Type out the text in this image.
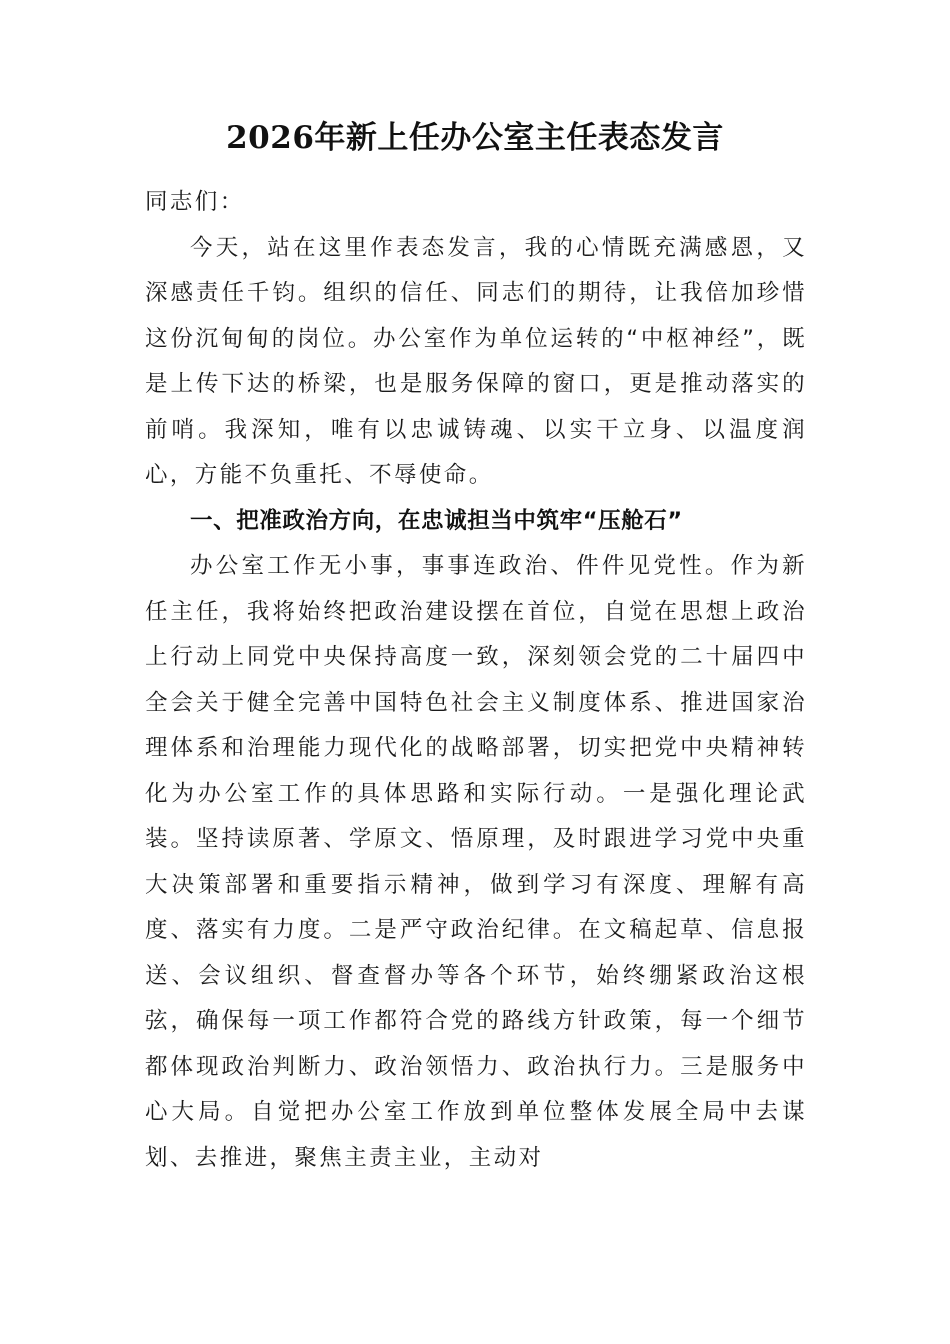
2026年新上任办公室主任表态发言

同志们：

今天，站在这里作表态发言，我的心情既充满感恩，又深感责任千钧。组织的信任、同志们的期待，让我倍加珍惜这份沉甸甸的岗位。办公室作为单位运转的“中枢神经”，既是上传下达的桥梁，也是服务保障的窗口，更是推动落实的前哨。我深知，唯有以忠诚铸魂、以实干立身、以温度润心，方能不负重托、不辱使命。

一、把准政治方向，在忠诚担当中筑牢“压舱石”

办公室工作无小事，事事连政治、件件见党性。作为新任主任，我将始终把政治建设摆在首位，自觉在思想上政治上行动上同党中央保持高度一致，深刻领会党的二十届四中全会关于健全完善中国特色社会主义制度体系、推进国家治理体系和治理能力现代化的战略部署，切实把党中央精神转化为办公室工作的具体思路和实际行动。一是强化理论武装。坚持读原著、学原文、悟原理，及时跟进学习党中央重大决策部署和重要指示精神，做到学习有深度、理解有高度、落实有力度。二是严守政治纪律。在文稿起草、信息报送、会议组织、督查督办等各个环节，始终绷紧政治这根弦，确保每一项工作都符合党的路线方针政策，每一个细节都体现政治判断力、政治领悟力、政治执行力。三是服务中心大局。自觉把办公室工作放到单位整体发展全局中去谋划、去推进，聚焦主责主业，主动对
